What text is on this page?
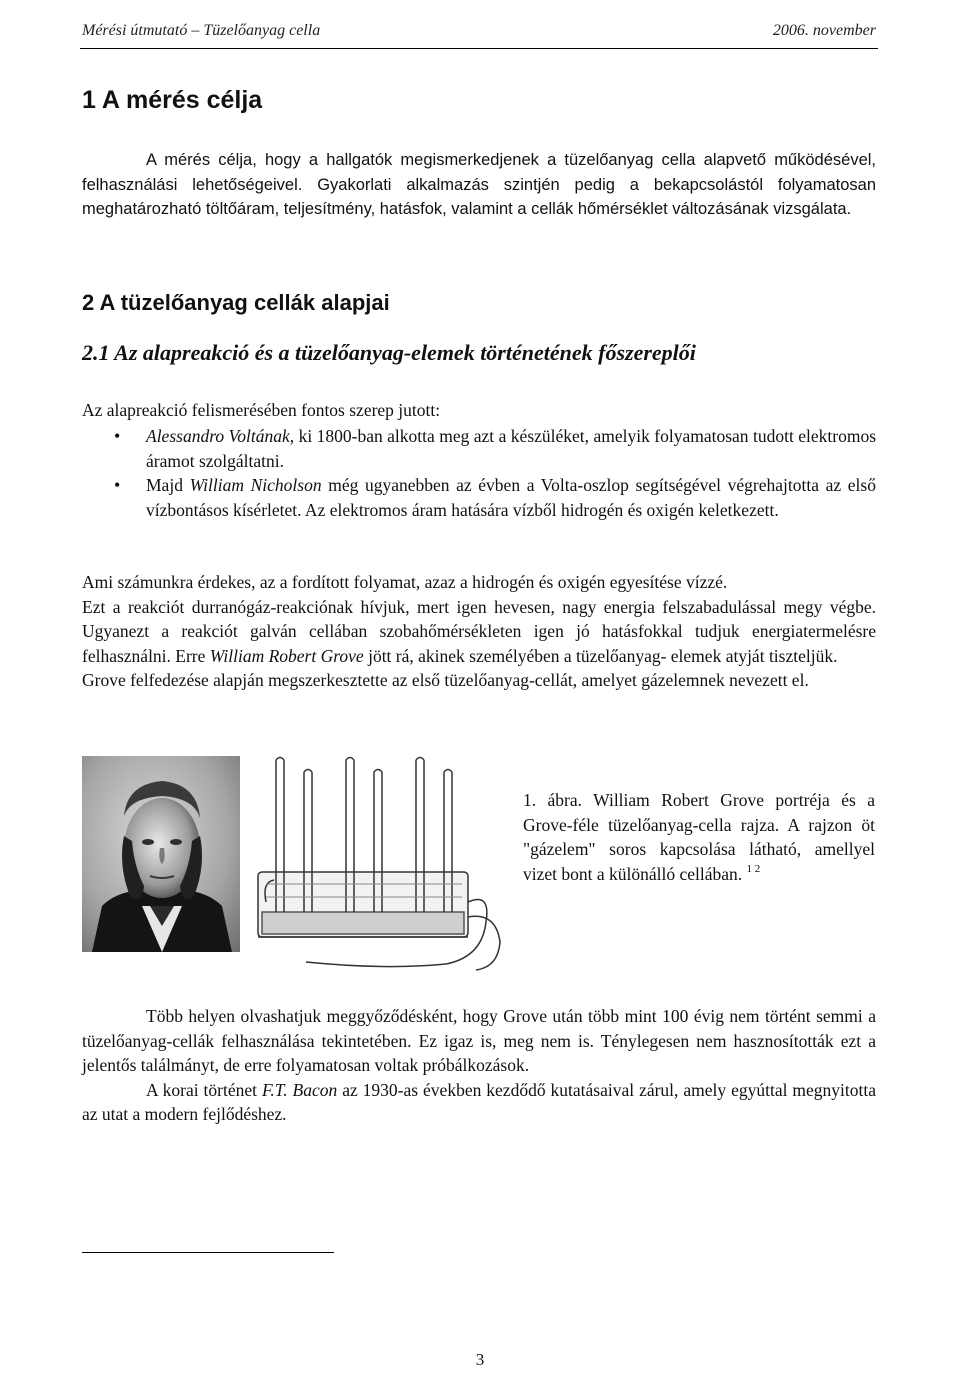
Mérési útmutató – Tüzelőanyag cella	2006. november
1 A mérés célja
A mérés célja, hogy a hallgatók megismerkedjenek a tüzelőanyag cella alapvető működésével, felhasználási lehetőségeivel. Gyakorlati alkalmazás szintjén pedig a bekapcsolástól folyamatosan meghatározható töltőáram, teljesítmény, hatásfok, valamint a cellák hőmérséklet változásának vizsgálata.
2 A tüzelőanyag cellák alapjai
2.1 Az alapreakció és a tüzelőanyag-elemek történetének főszereplői
Az alapreakció felismerésében fontos szerep jutott:
• Alessandro Voltának, ki 1800-ban alkotta meg azt a készüléket, amelyik folyamatosan tudott elektromos áramot szolgáltatni.
• Majd William Nicholson még ugyanebben az évben a Volta-oszlop segítségével végrehajtotta az első vízbontásos kísérletet. Az elektromos áram hatására vízből hidrogén és oxigén keletkezett.
Ami számunkra érdekes, az a fordított folyamat, azaz a hidrogén és oxigén egyesítése vízzé.
Ezt a reakciót durranógáz-reakciónak hívjuk, mert igen hevesen, nagy energia felszabadulással megy végbe. Ugyanezt a reakciót galván cellában szobahőmérsékleten igen jó hatásfokkal tudjuk energiatermelésre felhasználni. Erre William Robert Grove jött rá, akinek személyében a tüzelőanyag- elemek atyját tiszteljük.
Grove felfedezése alapján megszerkesztette az első tüzelőanyag-cellát, amelyet gázelemnek nevezett el.
1. ábra. William Robert Grove portréja és a Grove-féle tüzelőanyag-cella rajza. A rajzon öt "gázelem" soros kapcsolása látható, amellyel vizet bont a különálló cellában. $^{1 2}$
Több helyen olvashatjuk meggyőződésként, hogy Grove után több mint 100 évig nem történt semmi a tüzelőanyag-cellák felhasználása tekintetében. Ez igaz is, meg nem is. Ténylegesen nem hasznosították ezt a jelentős találmányt, de erre folyamatosan voltak próbálkozások.
A korai történet F.T. Bacon az 1930-as években kezdődő kutatásaival zárul, amely egyúttal megnyitotta az utat a modern fejlődéshez.
3
